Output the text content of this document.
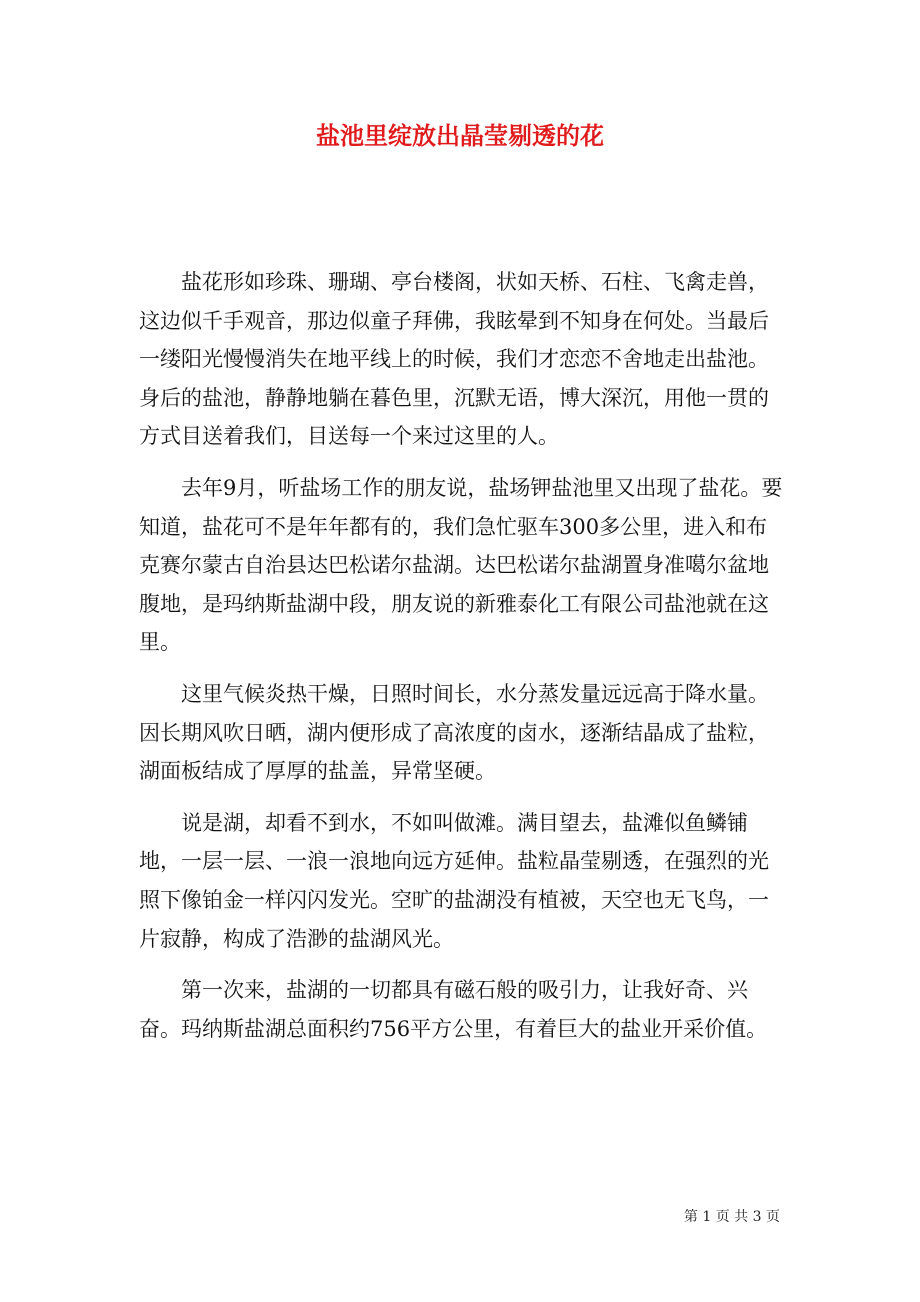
盐池里绽放出晶莹剔透的花

盐花形如珍珠、珊瑚、亭台楼阁，状如天桥、石柱、飞禽走兽，这边似千手观音，那边似童子拜佛，我眩晕到不知身在何处。当最后一缕阳光慢慢消失在地平线上的时候，我们才恋恋不舍地走出盐池。 身后的盐池，静静地躺在暮色里，沉默无语，博大深沉，用他一贯的方式目送着我们，目送每一个来过这里的人。

去年9月，听盐场工作的朋友说，盐场钾盐池里又出现了盐花。要知道，盐花可不是年年都有的，我们急忙驱车300多公里，进入和布克赛尔蒙古自治县达巴松诺尔盐湖。达巴松诺尔盐湖置身准噶尔盆地腹地，是玛纳斯盐湖中段，朋友说的新雅泰化工有限公司盐池就在这里。

这里气候炎热干燥，日照时间长，水分蒸发量远远高于降水量。因长期风吹日晒，湖内便形成了高浓度的卤水，逐渐结晶成了盐粒，湖面板结成了厚厚的盐盖，异常坚硬。

说是湖，却看不到水，不如叫做滩。满目望去，盐滩似鱼鳞铺地，一层一层、一浪一浪地向远方延伸。盐粒晶莹剔透，在强烈的光照下像铂金一样闪闪发光。空旷的盐湖没有植被，天空也无飞鸟，一片寂静，构成了浩渺的盐湖风光。

第一次来，盐湖的一切都具有磁石般的吸引力，让我好奇、兴奋。玛纳斯盐湖总面积约756平方公里，有着巨大的盐业开采价值。

第 1 页 共 3 页
